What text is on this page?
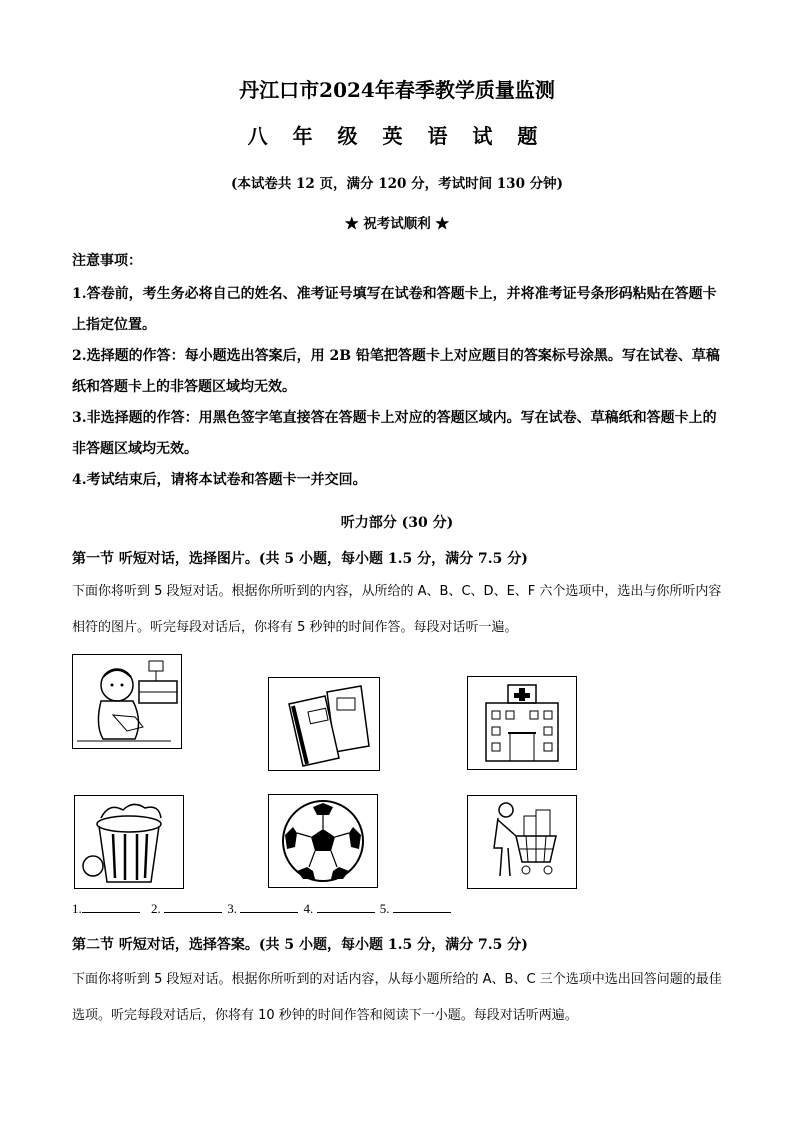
丹江口市2024年春季教学质量监测
八 年 级 英 语 试 题
(本试卷共 12 页，满分 120 分，考试时间 130 分钟)
★ 祝考试顺利 ★
注意事项：
1.答卷前，考生务必将自己的姓名、准考证号填写在试卷和答题卡上，并将准考证号条形码粘贴在答题卡上指定位置。
2.选择题的作答：每小题选出答案后，用 2B 铅笔把答题卡上对应题目的答案标号涂黑。写在试卷、草稿纸和答题卡上的非答题区域均无效。
3.非选择题的作答：用黑色签字笔直接答在答题卡上对应的答题区域内。写在试卷、草稿纸和答题卡上的非答题区域均无效。
4.考试结束后，请将本试卷和答题卡一并交回。
听力部分 (30 分)
第一节 听短对话，选择图片。(共 5 小题，每小题 1.5 分，满分 7.5 分)
下面你将听到 5 段短对话。根据你所听到的内容，从所给的 A、B、C、D、E、F 六个选项中，选出与你所听内容相符的图片。听完每段对话后，你将有 5 秒钟的时间作答。每段对话听一遍。
1.	2.	3.	4.	5.
第二节 听短对话，选择答案。(共 5 小题，每小题 1.5 分，满分 7.5 分)
下面你将听到 5 段短对话。根据你所听到的对话内容，从每小题所给的 A、B、C 三个选项中选出回答问题的最佳选项。听完每段对话后，你将有 10 秒钟的时间作答和阅读下一小题。每段对话听两遍。
